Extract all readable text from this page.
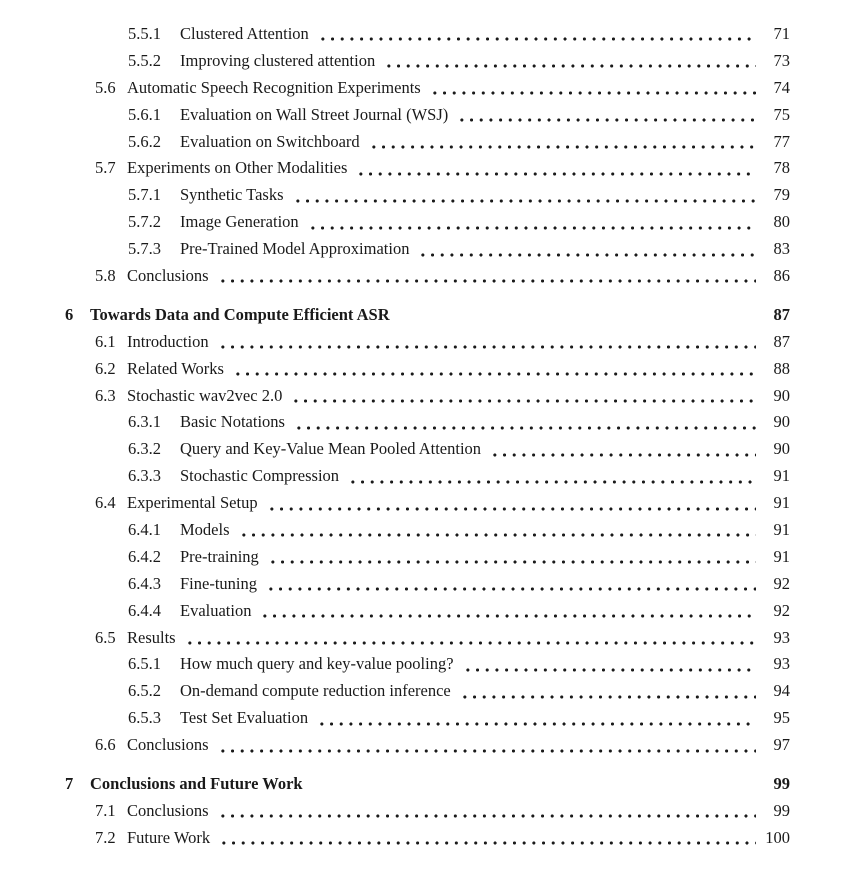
5.5.1	Clustered Attention	71
5.5.2	Improving clustered attention	73
5.6 Automatic Speech Recognition Experiments	74
5.6.1	Evaluation on Wall Street Journal (WSJ)	75
5.6.2	Evaluation on Switchboard	77
5.7 Experiments on Other Modalities	78
5.7.1	Synthetic Tasks	79
5.7.2	Image Generation	80
5.7.3	Pre-Trained Model Approximation	83
5.8 Conclusions	86
6	Towards Data and Compute Efficient ASR	87
6.1 Introduction	87
6.2 Related Works	88
6.3 Stochastic wav2vec 2.0	90
6.3.1	Basic Notations	90
6.3.2	Query and Key-Value Mean Pooled Attention	90
6.3.3	Stochastic Compression	91
6.4 Experimental Setup	91
6.4.1	Models	91
6.4.2	Pre-training	91
6.4.3	Fine-tuning	92
6.4.4	Evaluation	92
6.5 Results	93
6.5.1	How much query and key-value pooling?	93
6.5.2	On-demand compute reduction inference	94
6.5.3	Test Set Evaluation	95
6.6 Conclusions	97
7	Conclusions and Future Work	99
7.1 Conclusions	99
7.2 Future Work	100
